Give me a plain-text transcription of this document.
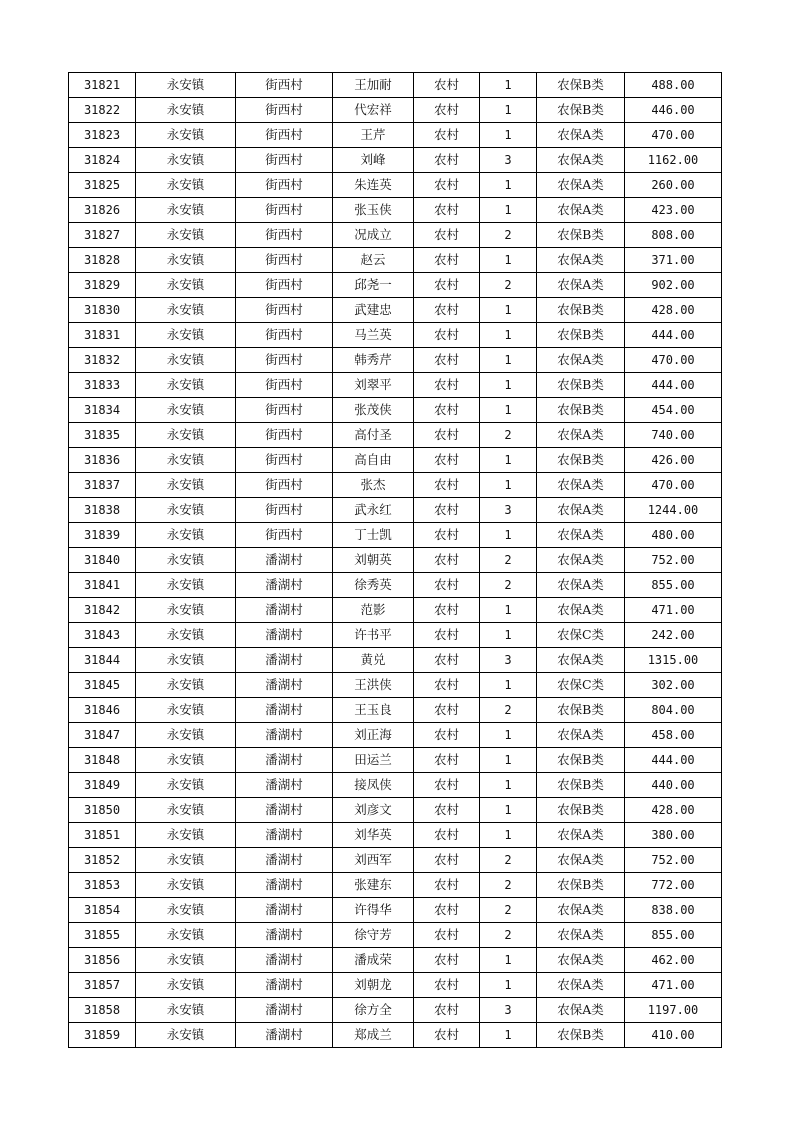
31821	永安镇	街西村	王加耐	农村	1	农保B类	488.00
31822	永安镇	街西村	代宏祥	农村	1	农保B类	446.00
31823	永安镇	街西村	王芹	农村	1	农保A类	470.00
31824	永安镇	街西村	刘峰	农村	3	农保A类	1162.00
31825	永安镇	街西村	朱连英	农村	1	农保A类	260.00
31826	永安镇	街西村	张玉侠	农村	1	农保A类	423.00
31827	永安镇	街西村	况成立	农村	2	农保B类	808.00
31828	永安镇	街西村	赵云	农村	1	农保A类	371.00
31829	永安镇	街西村	邱尧一	农村	2	农保A类	902.00
31830	永安镇	街西村	武建忠	农村	1	农保B类	428.00
31831	永安镇	街西村	马兰英	农村	1	农保B类	444.00
31832	永安镇	街西村	韩秀芹	农村	1	农保A类	470.00
31833	永安镇	街西村	刘翠平	农村	1	农保B类	444.00
31834	永安镇	街西村	张茂侠	农村	1	农保B类	454.00
31835	永安镇	街西村	高付圣	农村	2	农保A类	740.00
31836	永安镇	街西村	高自由	农村	1	农保B类	426.00
31837	永安镇	街西村	张杰	农村	1	农保A类	470.00
31838	永安镇	街西村	武永红	农村	3	农保A类	1244.00
31839	永安镇	街西村	丁士凯	农村	1	农保A类	480.00
31840	永安镇	潘湖村	刘朝英	农村	2	农保A类	752.00
31841	永安镇	潘湖村	徐秀英	农村	2	农保A类	855.00
31842	永安镇	潘湖村	范影	农村	1	农保A类	471.00
31843	永安镇	潘湖村	许书平	农村	1	农保C类	242.00
31844	永安镇	潘湖村	黄兑	农村	3	农保A类	1315.00
31845	永安镇	潘湖村	王洪侠	农村	1	农保C类	302.00
31846	永安镇	潘湖村	王玉良	农村	2	农保B类	804.00
31847	永安镇	潘湖村	刘正海	农村	1	农保A类	458.00
31848	永安镇	潘湖村	田运兰	农村	1	农保B类	444.00
31849	永安镇	潘湖村	接凤侠	农村	1	农保B类	440.00
31850	永安镇	潘湖村	刘彦文	农村	1	农保B类	428.00
31851	永安镇	潘湖村	刘华英	农村	1	农保A类	380.00
31852	永安镇	潘湖村	刘西军	农村	2	农保A类	752.00
31853	永安镇	潘湖村	张建东	农村	2	农保B类	772.00
31854	永安镇	潘湖村	许得华	农村	2	农保A类	838.00
31855	永安镇	潘湖村	徐守芳	农村	2	农保A类	855.00
31856	永安镇	潘湖村	潘成荣	农村	1	农保A类	462.00
31857	永安镇	潘湖村	刘朝龙	农村	1	农保A类	471.00
31858	永安镇	潘湖村	徐方全	农村	3	农保A类	1197.00
31859	永安镇	潘湖村	郑成兰	农村	1	农保B类	410.00
